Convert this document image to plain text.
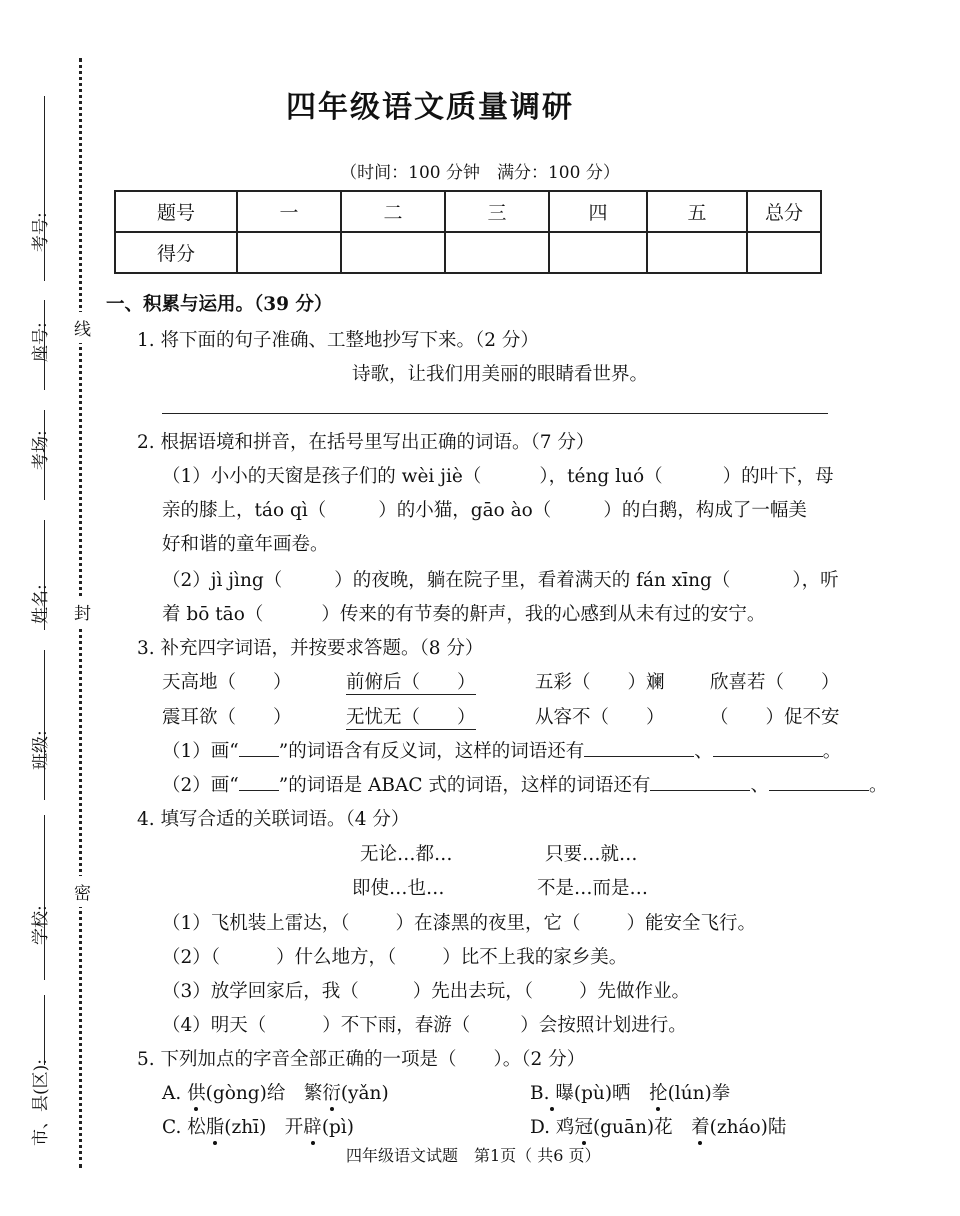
考号:
座号:
考场:
姓名:
班级:
学校:
市、县(区):
线
封
密
四年级语文质量调研
（时间：100 分钟　满分：100 分）
题号	一	二	三	四	五	总分
得分						
一、积累与运用。（39 分）
1. 将下面的句子准确、工整地抄写下来。（2 分）
诗歌，让我们用美丽的眼睛看世界。
2. 根据语境和拼音，在括号里写出正确的词语。（7 分）
（1）小小的天窗是孩子们的 wèi jiè（	），téng luó（	）的叶下，母
亲的膝上，táo qì（	）的小猫，gāo ào（	）的白鹅，构成了一幅美
好和谐的童年画卷。
（2）jì jìng（	）的夜晚，躺在院子里，看着满天的 fán xīng（	），听
着 bō tāo（	）传来的有节奏的鼾声，我的心感到从未有过的安宁。
3. 补充四字词语，并按要求答题。（8 分）
天高地（　　）	前俯后（　　）	五彩（　　）斓 欣喜若（　　）
震耳欲（　　）	无忧无（　　）	从容不（　　） （　　）促不安
（1）画“ ”的词语含有反义词，这样的词语还有	、	。
（2）画“ ”的词语是 ABAC 式的词语，这样的词语还有	、	。
4. 填写合适的关联词语。（4 分）
无论…都…	只要…就…
即使…也…	不是…而是…
（1）飞机装上雷达，（ ）在漆黑的夜里，它（ ）能安全飞行。
（2）（	）什么地方，（ ）比不上我的家乡美。
（3）放学回家后，我（	）先出去玩，（ ）先做作业。
（4）明天（	）不下雨，春游（	）会按照计划进行。
5. 下列加点的字音全部正确的一项是（　　）。（2 分）
A. 供(gòng)给　繁衍(yǎn)	B. 曝(pù)晒　抡(lún)拳
C. 松脂(zhī)　开辟(pì)	D. 鸡冠(guān)花　着(zháo)陆
四年级语文试题　第1页（ 共6 页）
